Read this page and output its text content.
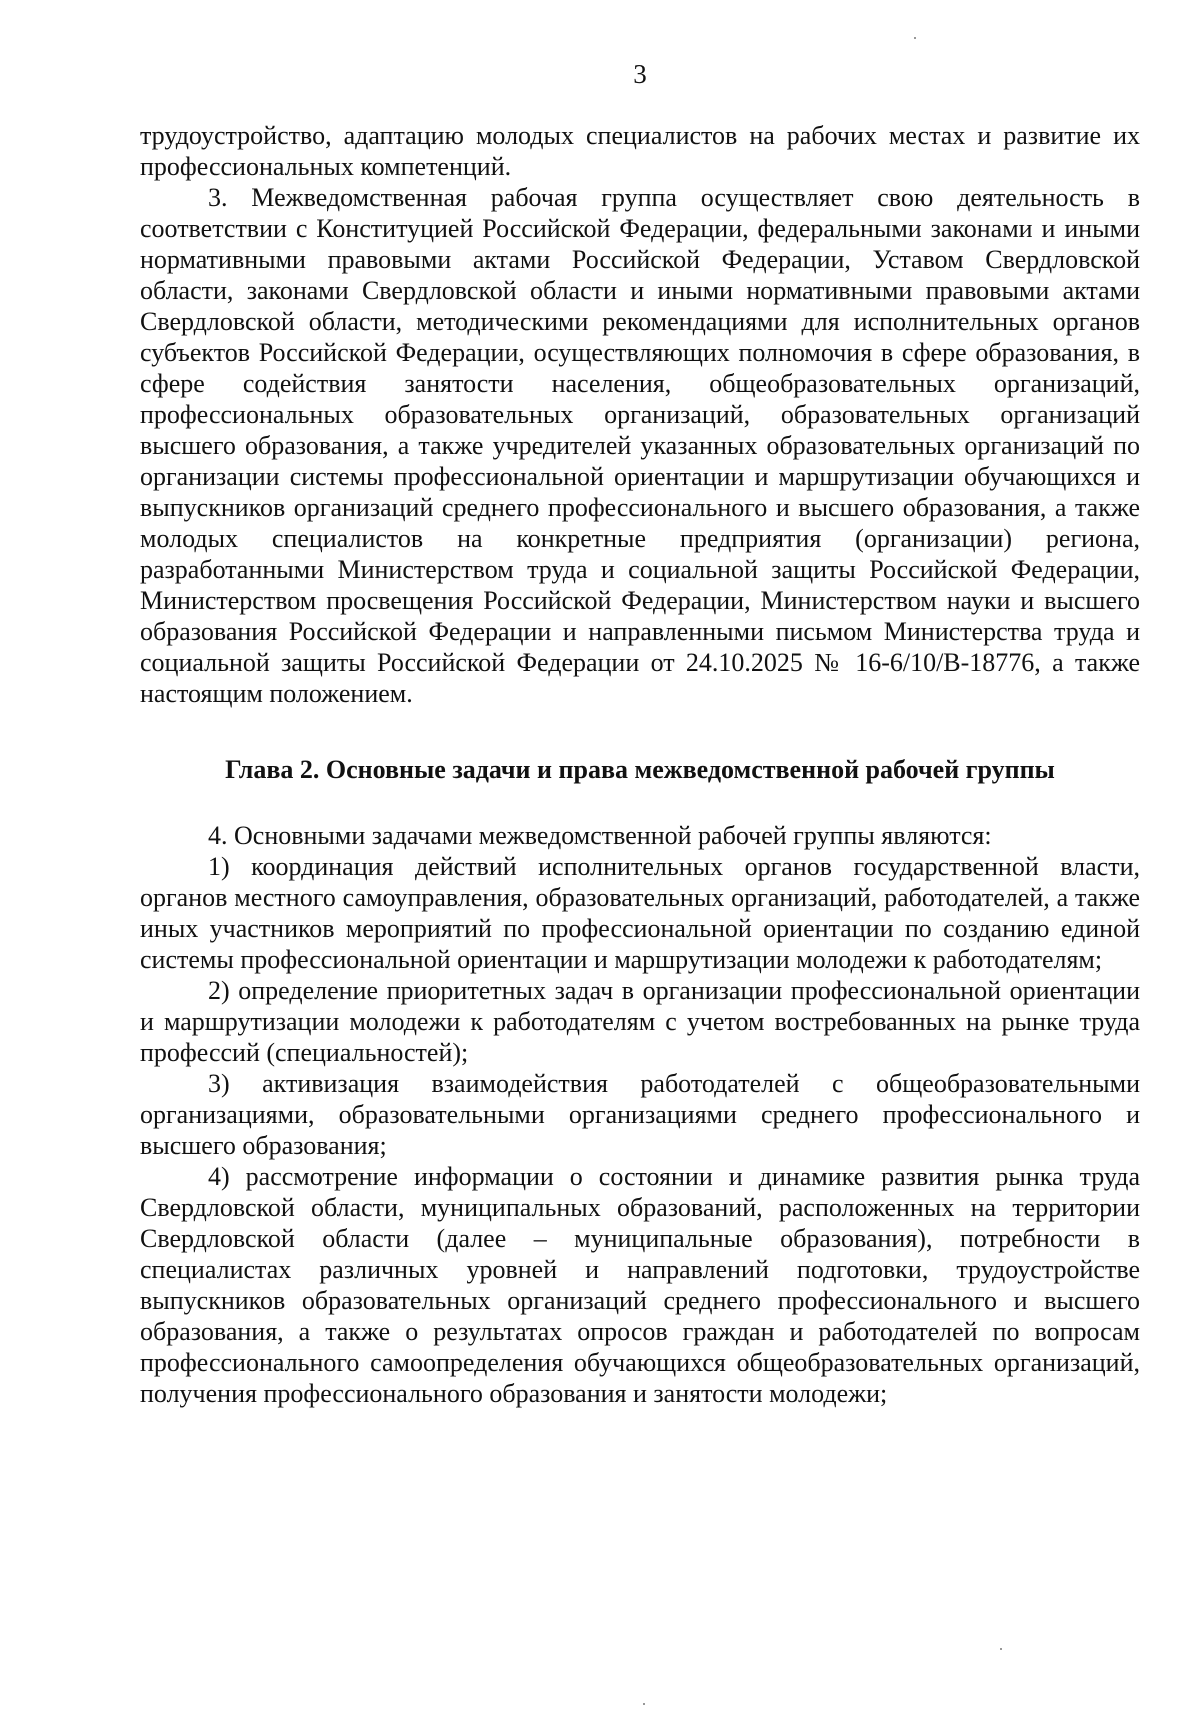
3

трудоустройство, адаптацию молодых специалистов на рабочих местах и развитие их профессиональных компетенций.

3. Межведомственная рабочая группа осуществляет свою деятельность в соответствии с Конституцией Российской Федерации, федеральными законами и иными нормативными правовыми актами Российской Федерации, Уставом Свердловской области, законами Свердловской области и иными нормативными правовыми актами Свердловской области, методическими рекомендациями для исполнительных органов субъектов Российской Федерации, осуществляющих полномочия в сфере образования, в сфере содействия занятости населения, общеобразовательных организаций, профессиональных образовательных организаций, образовательных организаций высшего образования, а также учредителей указанных образовательных организаций по организации системы профессиональной ориентации и маршрутизации обучающихся и выпускников организаций среднего профессионального и высшего образования, а также молодых специалистов на конкретные предприятия (организации) региона, разработанными Министерством труда и социальной защиты Российской Федерации, Министерством просвещения Российской Федерации, Министерством науки и высшего образования Российской Федерации и направленными письмом Министерства труда и социальной защиты Российской Федерации от 24.10.2025 № 16-6/10/В-18776, а также настоящим положением.

Глава 2. Основные задачи и права межведомственной рабочей группы

4. Основными задачами межведомственной рабочей группы являются:

1) координация действий исполнительных органов государственной власти, органов местного самоуправления, образовательных организаций, работодателей, а также иных участников мероприятий по профессиональной ориентации по созданию единой системы профессиональной ориентации и маршрутизации молодежи к работодателям;

2) определение приоритетных задач в организации профессиональной ориентации и маршрутизации молодежи к работодателям с учетом востребованных на рынке труда профессий (специальностей);

3) активизация взаимодействия работодателей с общеобразовательными организациями, образовательными организациями среднего профессионального и высшего образования;

4) рассмотрение информации о состоянии и динамике развития рынка труда Свердловской области, муниципальных образований, расположенных на территории Свердловской области (далее – муниципальные образования), потребности в специалистах различных уровней и направлений подготовки, трудоустройстве выпускников образовательных организаций среднего профессионального и высшего образования, а также о результатах опросов граждан и работодателей по вопросам профессионального самоопределения обучающихся общеобразовательных организаций, получения профессионального образования и занятости молодежи;
